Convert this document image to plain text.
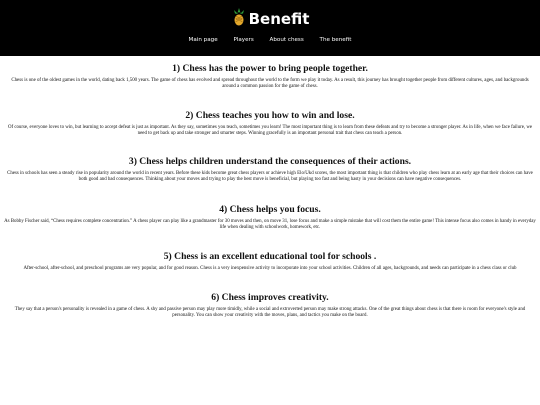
Benefit
Main page	Players	About chess	The benefit
1) Chess has the power to bring people together.

Chess is one of the oldest games in the world, dating back 1,500 years. The game of chess has evolved and spread throughout the world to the form we play it today. As a result, this journey has brought together people from different cultures, ages, and backgrounds around a common passion for the game of chess.

2) Chess teaches you how to win and lose.

Of course, everyone loves to win, but learning to accept defeat is just as important. As they say, sometimes you teach, sometimes you learn! The most important thing is to learn from these defeats and try to become a stronger player. As in life, when we face failure, we need to get back up and take stronger and smarter steps. Winning gracefully is an important personal trait that chess can teach a person.

3) Chess helps children understand the consequences of their actions.

Chess in schools has seen a steady rise in popularity around the world in recent years. Before these kids become great chess players or achieve high Elo/Ukd scores, the most important thing is that children who play chess learn at an early age that their choices can have both good and bad consequences. Thinking about your moves and trying to play the best move is beneficial, but playing too fast and being hasty in your decisions can have negative consequences.

4) Chess helps you focus.

As Bobby Fischer said, “Chess requires complete concentration.” A chess player can play like a grandmaster for 30 moves and then, on move 31, lose focus and make a simple mistake that will cost them the entire game! This intense focus also comes in handy in everyday life when dealing with schoolwork, homework, etc.

5) Chess is an excellent educational tool for schools .

After-school, after-school, and preschool programs are very popular, and for good reason. Chess is a very inexpensive activity to incorporate into your school activities. Children of all ages, backgrounds, and needs can participate in a chess class or club

6) Chess improves creativity.

They say that a person's personality is revealed in a game of chess. A shy and passive person may play more timidly, while a social and extroverted person may make strong attacks. One of the great things about chess is that there is room for everyone's style and personality. You can show your creativity with the moves, plans, and tactics you make on the board.
